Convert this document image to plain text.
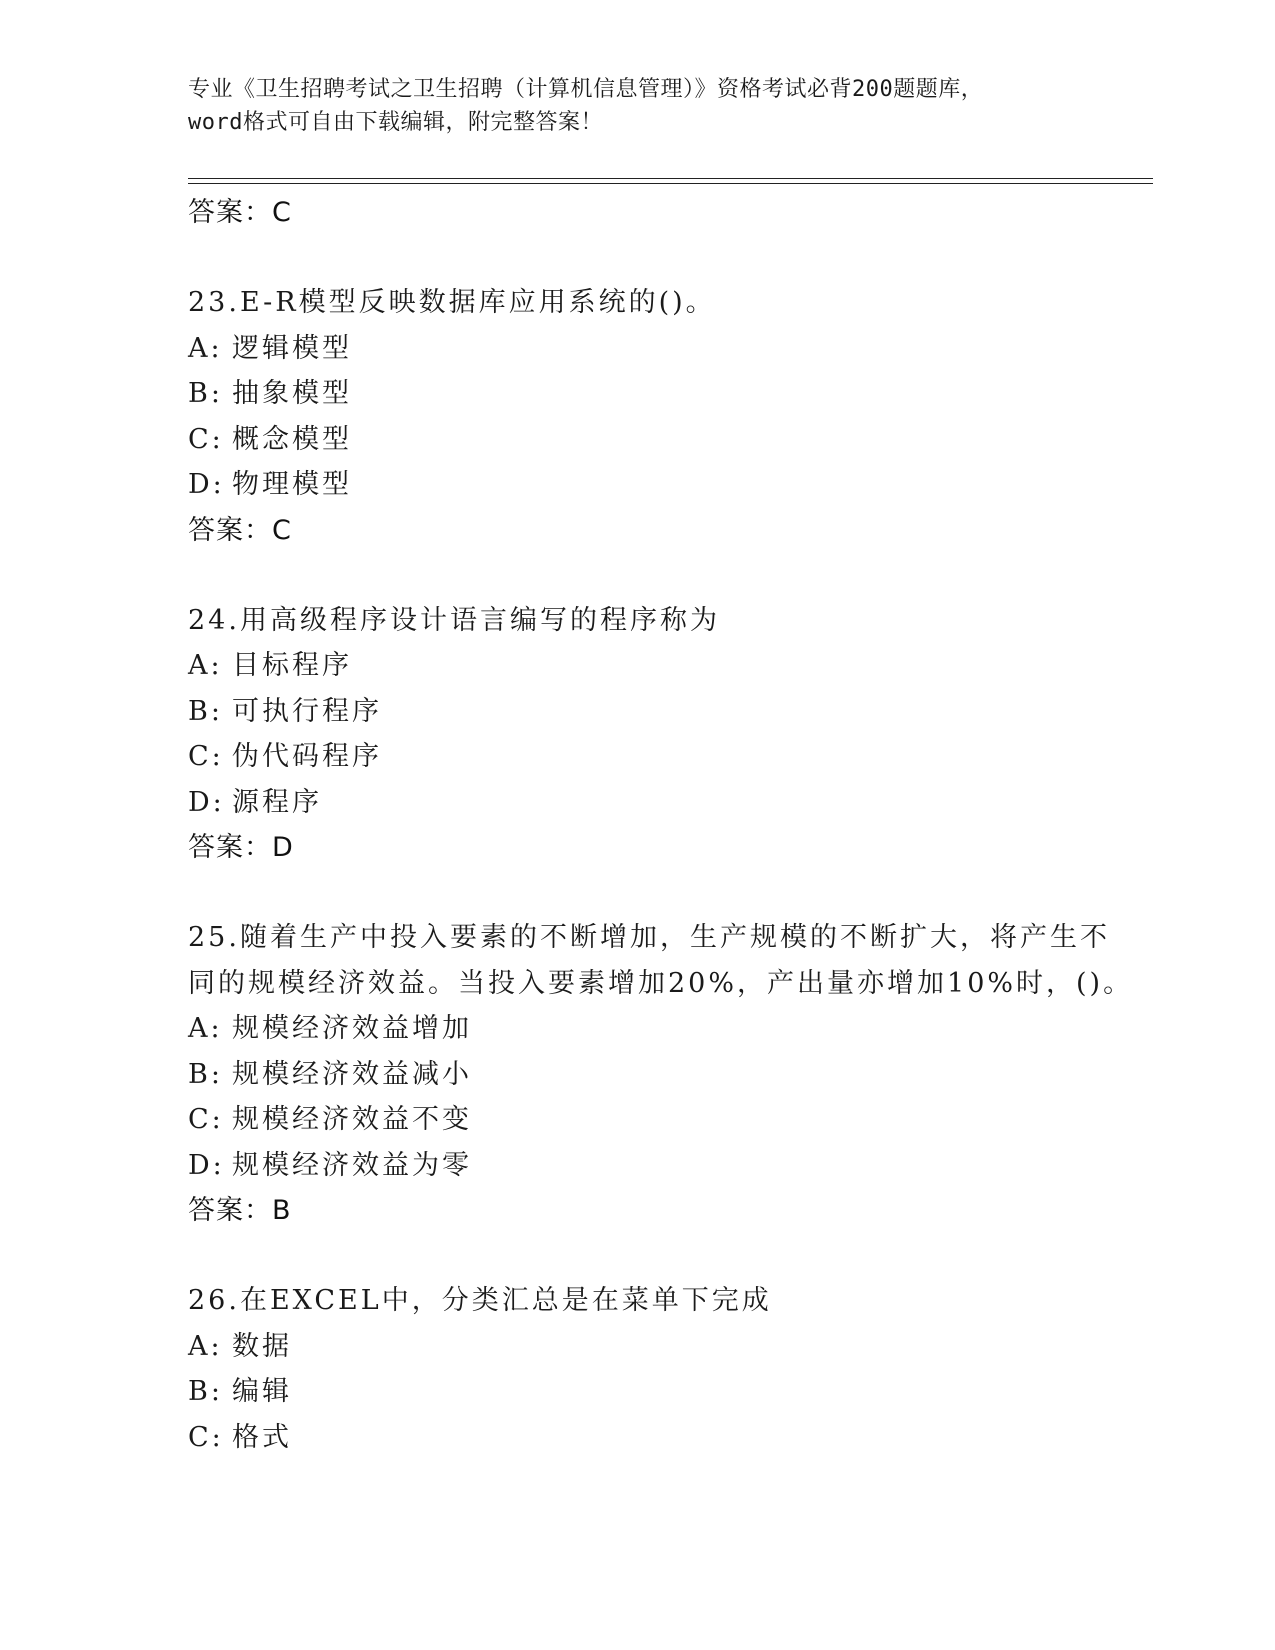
专业《卫生招聘考试之卫生招聘（计算机信息管理）》资格考试必背200题题库，
word格式可自由下载编辑，附完整答案！
答案：C
23.E-R模型反映数据库应用系统的()。
A: 逻辑模型
B: 抽象模型
C: 概念模型
D: 物理模型
答案：C
24.用高级程序设计语言编写的程序称为
A: 目标程序
B: 可执行程序
C: 伪代码程序
D: 源程序
答案：D
25.随着生产中投入要素的不断增加，生产规模的不断扩大，将产生不
同的规模经济效益。当投入要素增加20%，产出量亦增加10%时，()。
A: 规模经济效益增加
B: 规模经济效益减小
C: 规模经济效益不变
D: 规模经济效益为零
答案：B
26.在EXCEL中，分类汇总是在菜单下完成
A: 数据
B: 编辑
C: 格式
